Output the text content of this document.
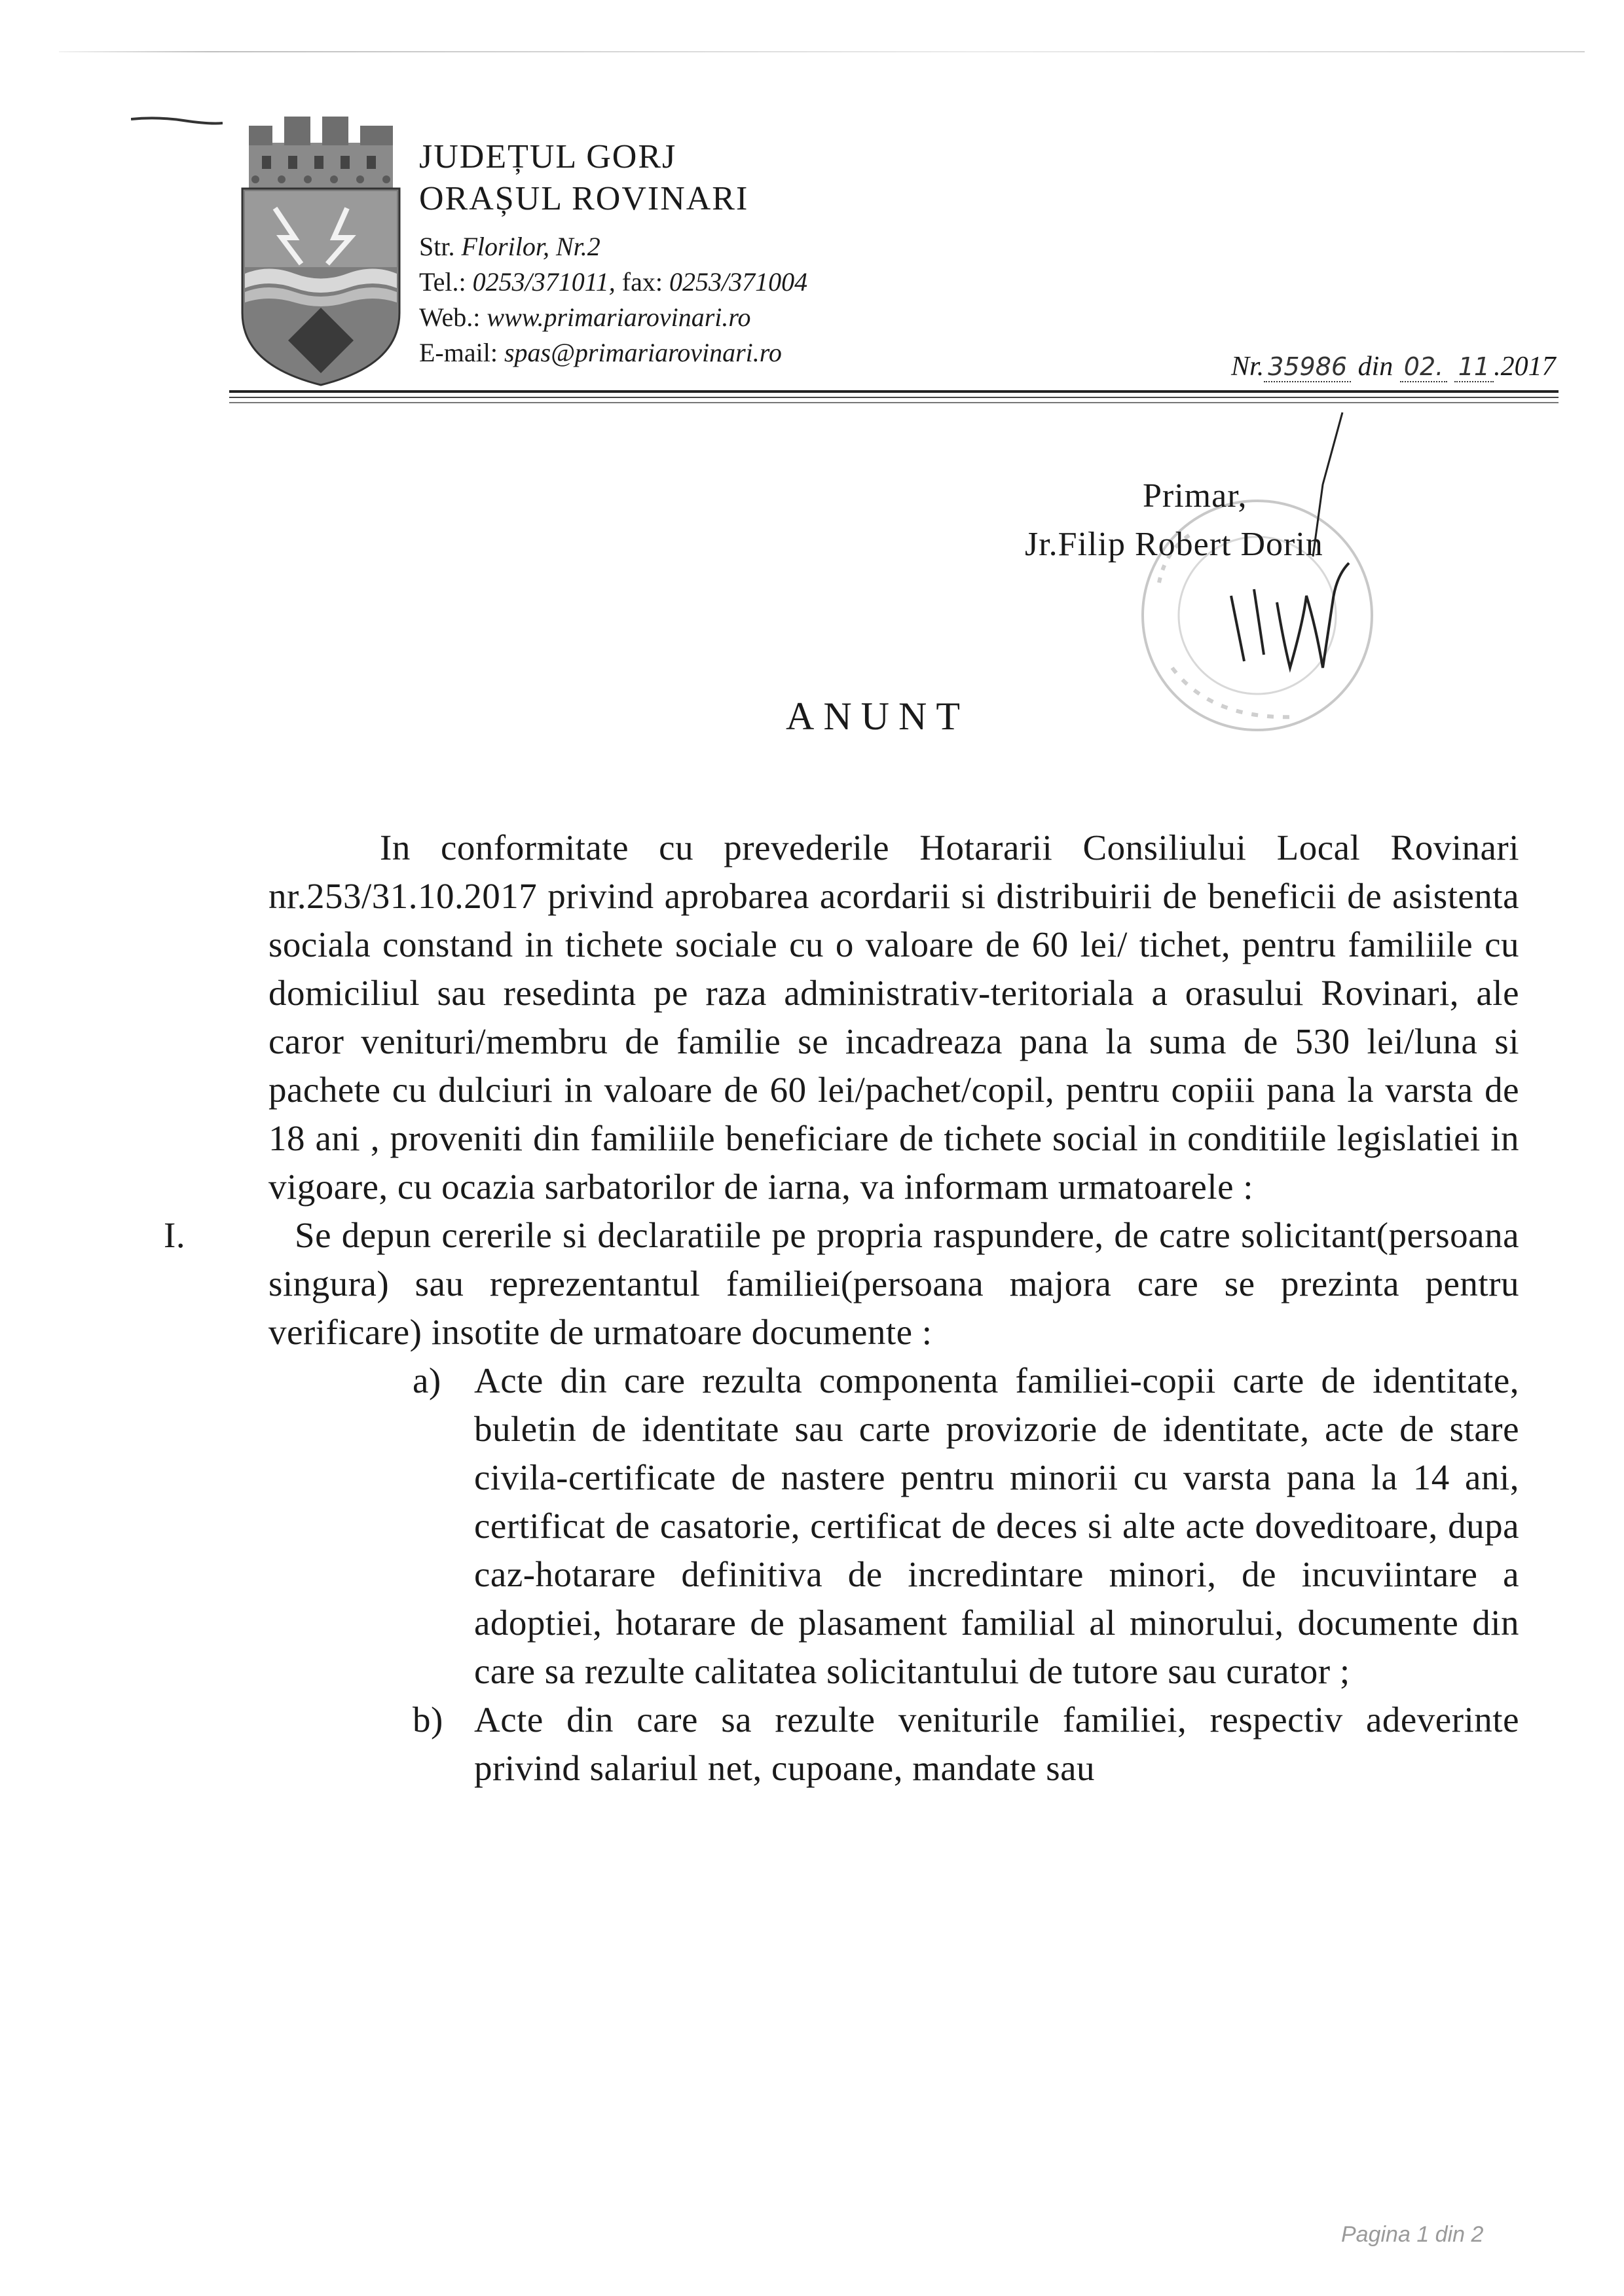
JUDEȚUL GORJ
ORAȘUL ROVINARI
Str. Florilor, Nr.2
Tel.: 0253/371011, fax: 0253/371004
Web.: www.primariarovinari.ro
E-mail: spas@primariarovinari.ro	Nr. 35986 din 02. 11 .2017
Primar,
Jr.Filip Robert Dorin
ANUNT

In conformitate cu prevederile Hotararii Consiliului Local Rovinari nr.253/31.10.2017 privind aprobarea acordarii si distribuirii de beneficii de asistenta sociala constand in tichete sociale cu o valoare de 60 lei/ tichet, pentru familiile cu domiciliul sau resedinta pe raza administrativ-teritoriala a orasului Rovinari, ale caror venituri/membru de familie se incadreaza pana la suma de 530 lei/luna si pachete cu dulciuri in valoare de 60 lei/pachet/copil, pentru copiii pana la varsta de 18 ani , proveniti din familiile beneficiare de tichete social in conditiile legislatiei in vigoare, cu ocazia sarbatorilor de iarna, va informam urmatoarele :

I.	Se depun cererile si declaratiile pe propria raspundere, de catre solicitant(persoana singura) sau reprezentantul familiei(persoana majora care se prezinta pentru verificare) insotite de urmatoare documente :

a) Acte din care rezulta componenta familiei-copii carte de identitate, buletin de identitate sau carte provizorie de identitate, acte de stare civila-certificate de nastere pentru minorii cu varsta pana la 14 ani, certificat de casatorie, certificat de deces si alte acte doveditoare, dupa caz-hotarare definitiva de incredintare minori, de incuviintare a adoptiei, hotarare de plasament familial al minorului, documente din care sa rezulte calitatea solicitantului de tutore sau curator ;
b) Acte din care sa rezulte veniturile familiei, respectiv adeverinte privind salariul net, cupoane, mandate sau
Pagina 1 din 2
